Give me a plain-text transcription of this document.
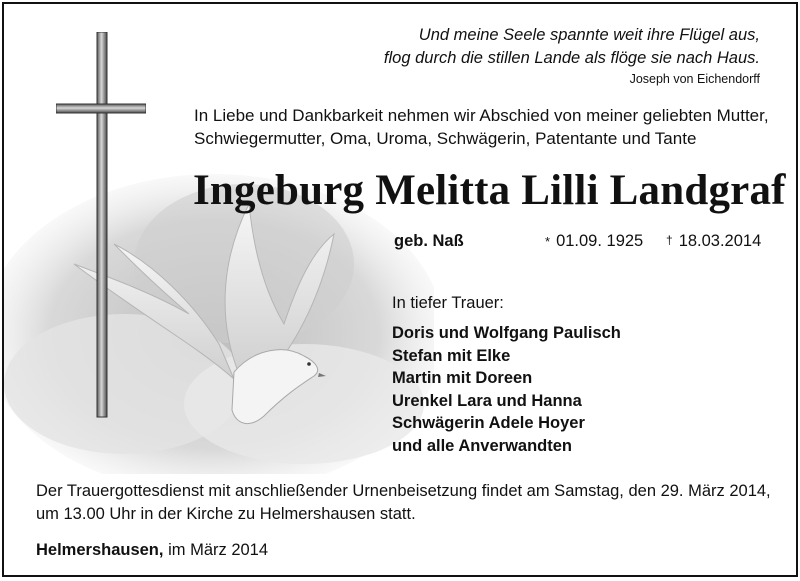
Und meine Seele spannte weit ihre Flügel aus,
flog durch die stillen Lande als flöge sie nach Haus.
Joseph von Eichendorff
In Liebe und Dankbarkeit nehmen wir Abschied von meiner geliebten Mutter,
Schwiegermutter, Oma, Uroma, Schwägerin, Patentante und Tante
Ingeburg Melitta Lilli Landgraf
geb. Naß	* 01.09. 1925 † 18.03.2014
In tiefer Trauer:
Doris und Wolfgang Paulisch
Stefan mit Elke
Martin mit Doreen
Urenkel Lara und Hanna
Schwägerin Adele Hoyer
und alle Anverwandten
Der Trauergottesdienst mit anschließender Urnenbeisetzung findet am Samstag, den 29. März 2014,
um 13.00 Uhr in der Kirche zu Helmershausen statt.
Helmershausen, im März 2014
